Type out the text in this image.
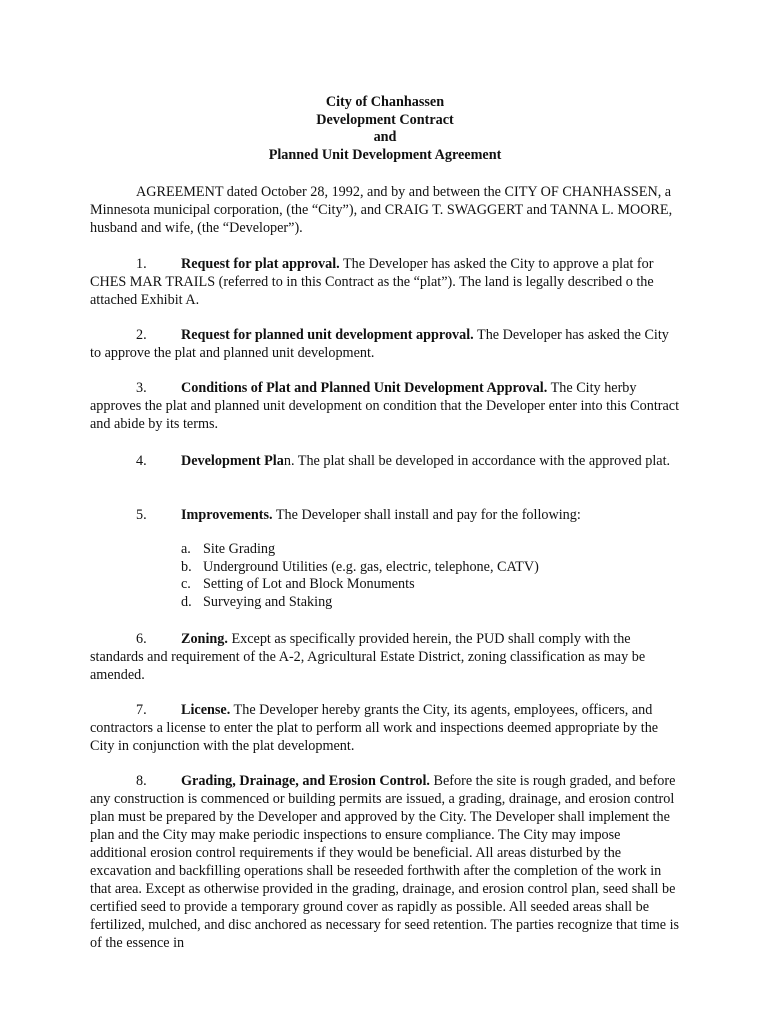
City of Chanhassen
Development Contract
and
Planned Unit Development Agreement
AGREEMENT dated October 28, 1992, and by and between the CITY OF CHANHASSEN, a Minnesota municipal corporation, (the “City”), and CRAIG T. SWAGGERT and TANNA L. MOORE, husband and wife, (the “Developer”).
1. Request for plat approval. The Developer has asked the City to approve a plat for CHES MAR TRAILS (referred to in this Contract as the “plat”). The land is legally described o the attached Exhibit A.
2. Request for planned unit development approval. The Developer has asked the City to approve the plat and planned unit development.
3. Conditions of Plat and Planned Unit Development Approval. The City herby approves the plat and planned unit development on condition that the Developer enter into this Contract and abide by its terms.
4. Development Plan. The plat shall be developed in accordance with the approved plat.
5. Improvements. The Developer shall install and pay for the following:
a. Site Grading
b. Underground Utilities (e.g. gas, electric, telephone, CATV)
c. Setting of Lot and Block Monuments
d. Surveying and Staking
6. Zoning. Except as specifically provided herein, the PUD shall comply with the standards and requirement of the A-2, Agricultural Estate District, zoning classification as may be amended.
7. License. The Developer hereby grants the City, its agents, employees, officers, and contractors a license to enter the plat to perform all work and inspections deemed appropriate by the City in conjunction with the plat development.
8. Grading, Drainage, and Erosion Control. Before the site is rough graded, and before any construction is commenced or building permits are issued, a grading, drainage, and erosion control plan must be prepared by the Developer and approved by the City. The Developer shall implement the plan and the City may make periodic inspections to ensure compliance. The City may impose additional erosion control requirements if they would be beneficial. All areas disturbed by the excavation and backfilling operations shall be reseeded forthwith after the completion of the work in that area. Except as otherwise provided in the grading, drainage, and erosion control plan, seed shall be certified seed to provide a temporary ground cover as rapidly as possible. All seeded areas shall be fertilized, mulched, and disc anchored as necessary for seed retention. The parties recognize that time is of the essence in
